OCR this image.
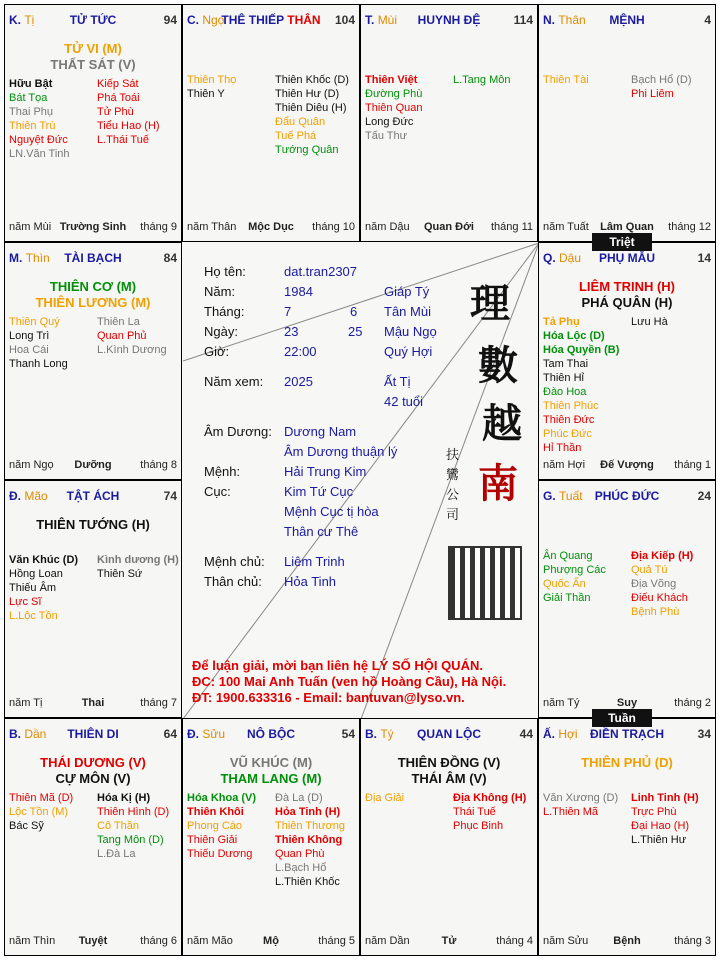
K. Tị	TỬ TỨC	94
TỬ VI (M)
THẤT SÁT (V)
Hữu Bật
Bát Tọa
Thai Phụ
Thiên Trù
Nguyệt Đức
LN.Văn Tinh
Kiếp Sát
Phá Toái
Tử Phù
Tiểu Hao (H)
L.Thái Tuế
năm Mùi Trường Sinh	tháng 9
C. Ngọ
THÊ THIẾP THÂN	104
Thiên Thọ
Thiên Y
Thiên Khốc (D)
Thiên Hư (D)
Thiên Diêu (H)
Đẩu Quân
Tuế Phá
Tướng Quân
năm Thân	Mộc Dục	tháng 10
T. Mùi	HUYNH ĐỆ	114
Thiên Việt
Đường Phù
Thiên Quan
Long Đức
Tấu Thư
L.Tang Môn
năm Dậu	Quan Đới	tháng 11
N. Thân	MỆNH	4
Thiên Tài	Bạch Hổ (D)
Phi Liêm
năm Tuất	Lâm Quan	tháng 12
M. Thìn	TÀI BẠCH	84
THIÊN CƠ (M)
THIÊN LƯƠNG (M)
Thiên Quý
Long Trì
Hoa Cái
Thanh Long
Thiên La
Quan Phủ
L.Kình Dương
năm Ngọ	Dưỡng	tháng 8
Q. Dậu	PHỤ MẪU	14
LIÊM TRINH (H)
PHÁ QUÂN (H)
Tả Phụ
Hóa Lộc (D)
Hóa Quyền (B)
Tam Thai
Thiên Hỉ
Đào Hoa
Thiên Phúc
Thiên Đức
Phúc Đức
Hỉ Thần
Lưu Hà
năm Hợi	Đế Vượng	tháng 1
Đ. Mão	TẬT ÁCH	74
THIÊN TƯỚNG (H)
Văn Khúc (D)
Hồng Loan
Thiếu Âm
Lực Sĩ
L.Lộc Tồn
Kình dương (H)
Thiên Sứ
năm Tị	Thai	tháng 7
G. Tuất	PHÚC ĐỨC	24
Ân Quang
Phượng Các
Quốc Ấn
Giải Thần
Địa Kiếp (H)
Quả Tú
Địa Võng
Điếu Khách
Bệnh Phù
năm Tý	Suy	tháng 2
B. Dần	THIÊN DI	64
THÁI DƯƠNG (V)
CỰ MÔN (V)
Thiên Mã (D)
Lộc Tồn (M)
Bác Sỹ
Hóa Kị (H)
Thiên Hình (D)
Cô Thần
Tang Môn (D)
L.Đà La
năm Thìn	Tuyệt	tháng 6
Đ. Sửu	NÔ BỘC	54
VŨ KHÚC (M)
THAM LANG (M)
Hóa Khoa (V)
Thiên Khôi
Phong Cáo
Thiên Giải
Thiếu Dương
Đà La (D)
Hỏa Tinh (H)
Thiên Thương
Thiên Không
Quan Phù
L.Bạch Hổ
L.Thiên Khốc
năm Mão	Mộ	tháng 5
B. Tý	QUAN LỘC	44
THIÊN ĐỒNG (V)
THÁI ÂM (V)
Địa Giải	Địa Không (H)
Thái Tuế
Phục Binh
năm Dần	Tử	tháng 4
Ấ. Hợi	ĐIỀN TRẠCH	34
THIÊN PHỦ (D)
Văn Xương (D)
L.Thiên Mã
Linh Tinh (H)
Trực Phù
Đại Hao (H)
L.Thiên Hư
năm Sửu	Bệnh	tháng 3
Triệt
Tuần
Họ tên:	dat.tran2307
Năm:	1984	Giáp Tý
Tháng:	7	6 Tân Mùi
Ngày:	23	25 Mậu Ngọ
Giờ:	22:00	Quý Hợi
Năm xem: 2025	Ất Tị
42 tuổi
Âm Dương: Dương Nam
Âm Dương thuận lý
Mệnh:	Hải Trung Kim
Cục:	Kim Tứ Cục
Mệnh Cục tị hòa
Thân cư Thê
Mệnh chủ: Liêm Trinh
Thân chủ: Hỏa Tinh
理
數
越
南
扶
鸞
公
司
Để luận giải, mời bạn liên hệ LÝ SỐ HỘI QUÁN.
ĐC: 100 Mai Anh Tuấn (ven hồ Hoàng Cầu), Hà Nội.
ĐT: 1900.633316 - Email: bantuvan@lyso.vn.
